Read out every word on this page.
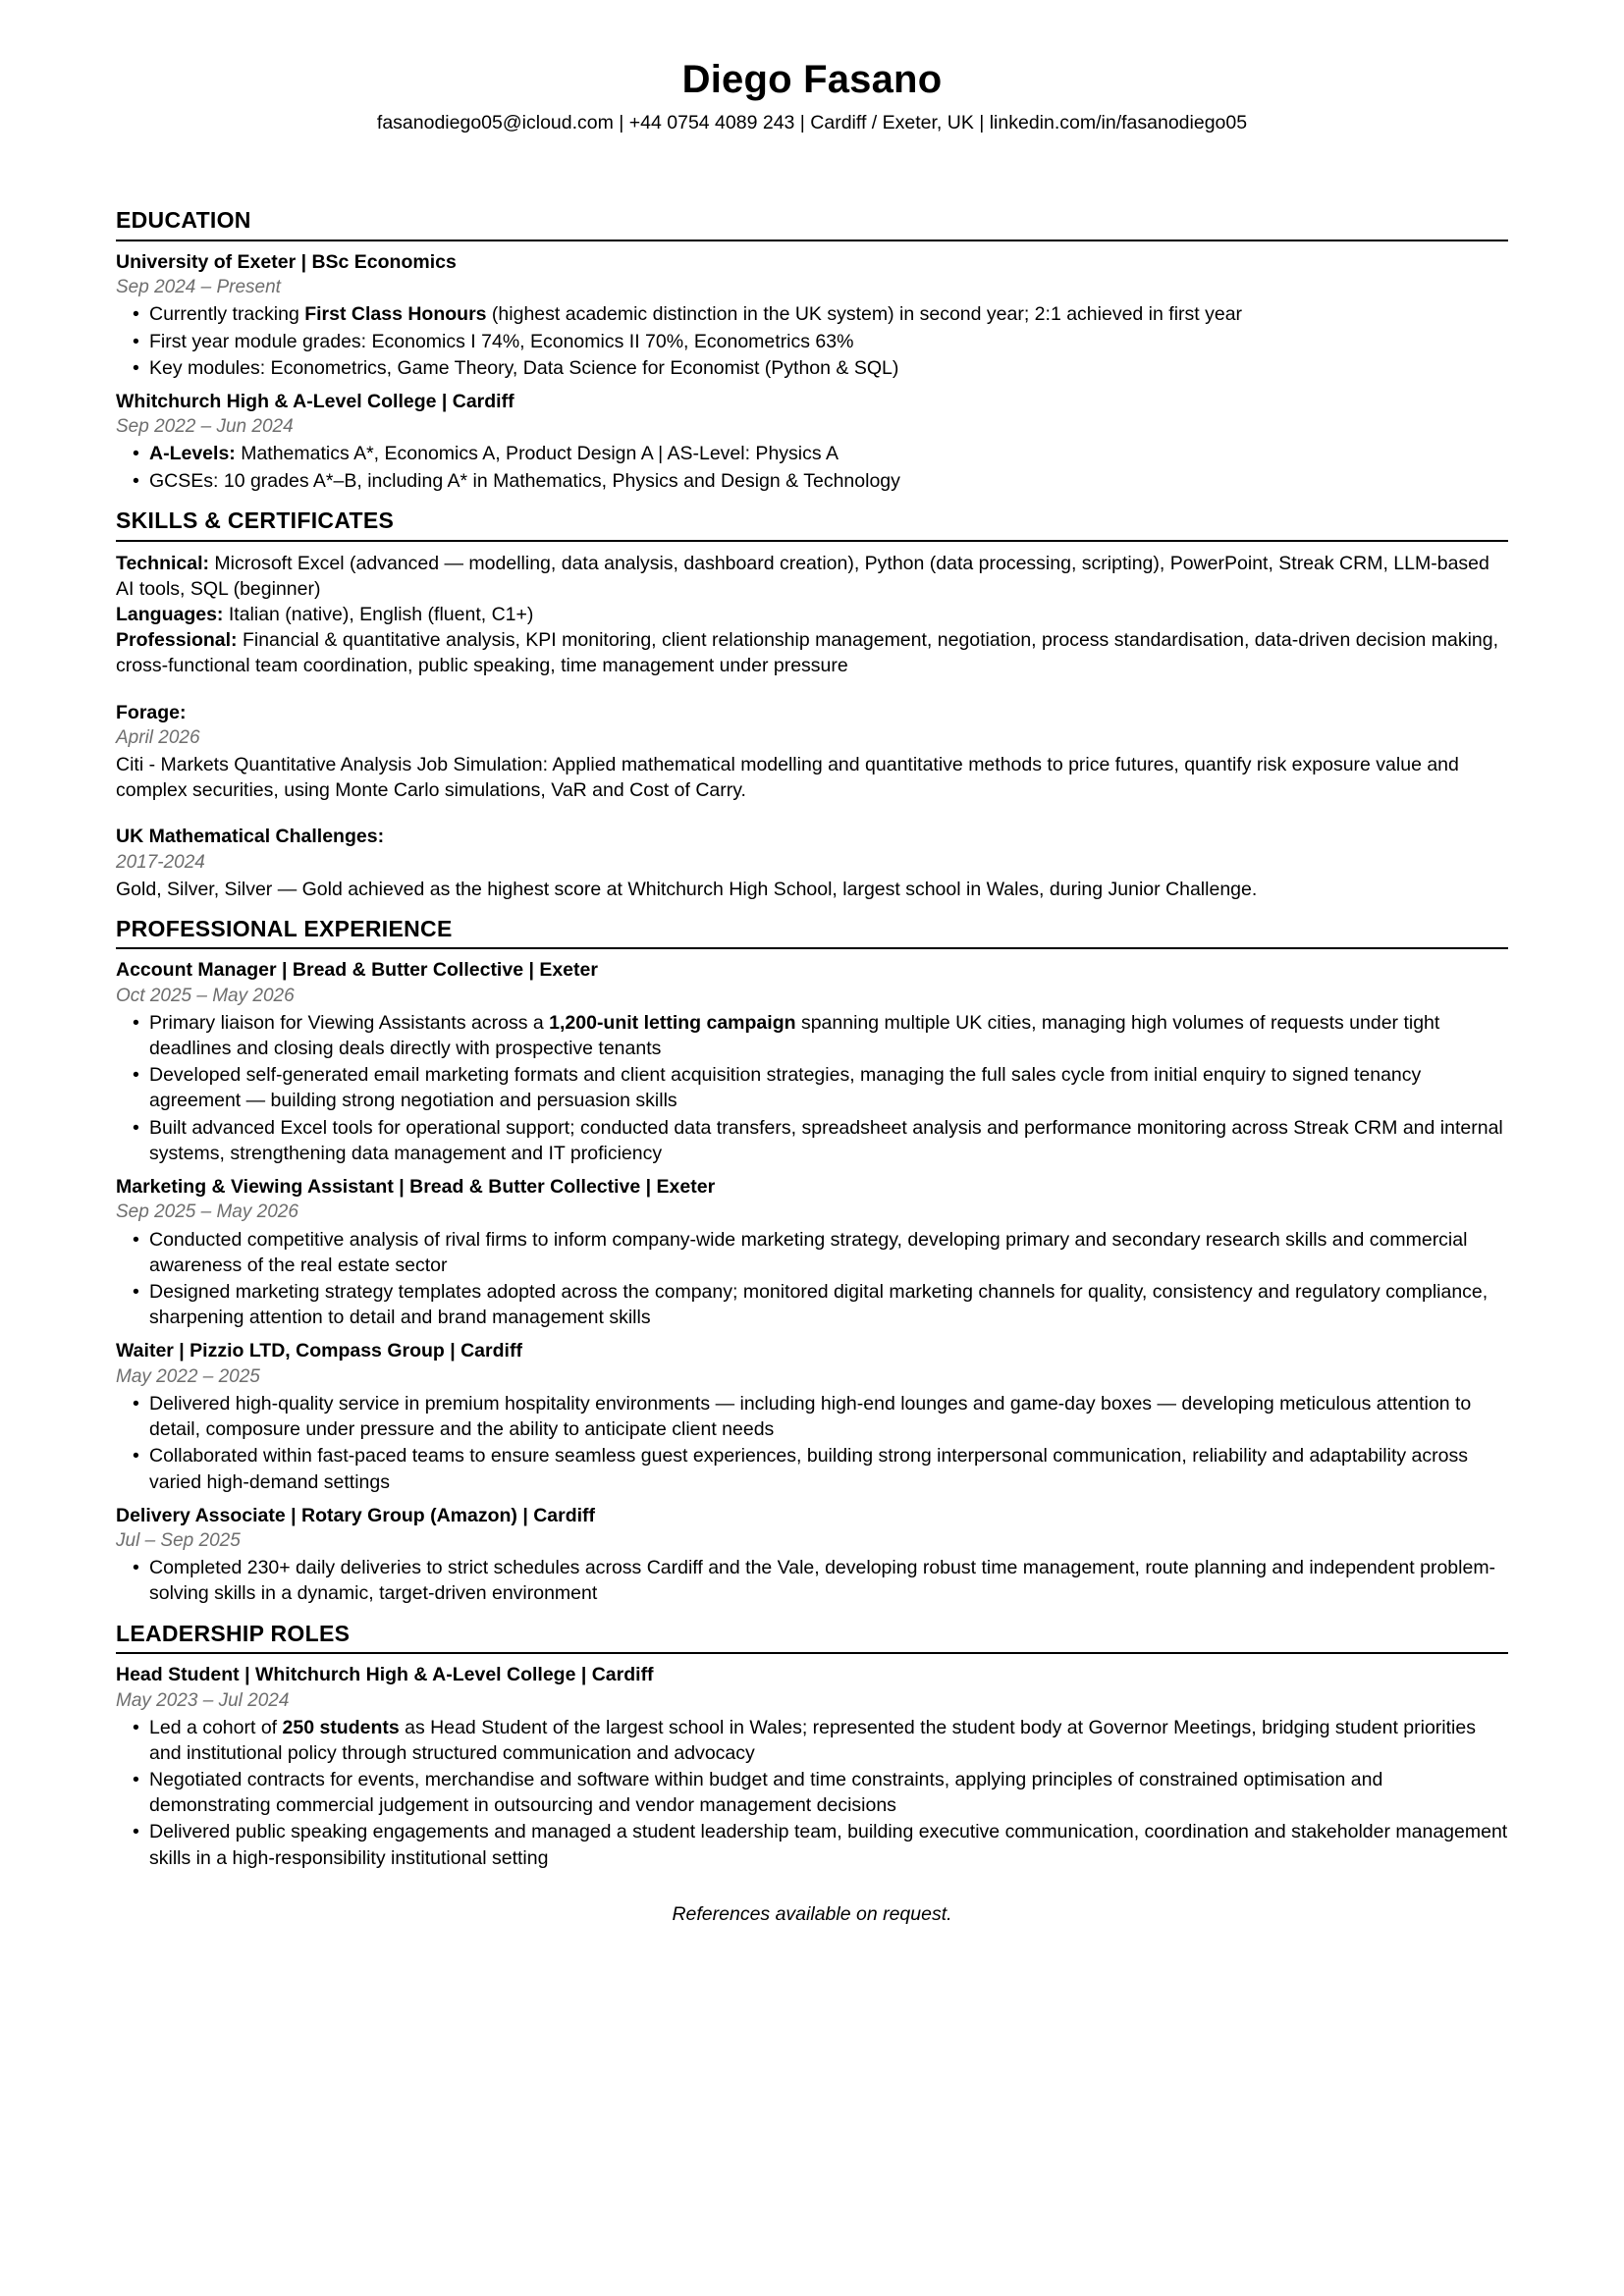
Diego Fasano

fasanodiego05@icloud.com | +44 0754 4089 243 | Cardiff / Exeter, UK | linkedin.com/in/fasanodiego05

EDUCATION
University of Exeter | BSc Economics
Sep 2024 – Present
• Currently tracking First Class Honours (highest academic distinction in the UK system) in second year; 2:1 achieved in first year
• First year module grades: Economics I 74%, Economics II 70%, Econometrics 63%
• Key modules: Econometrics, Game Theory, Data Science for Economist (Python & SQL)
Whitchurch High & A-Level College | Cardiff
Sep 2022 – Jun 2024
• A-Levels: Mathematics A*, Economics A, Product Design A | AS-Level: Physics A
• GCSEs: 10 grades A*–B, including A* in Mathematics, Physics and Design & Technology
SKILLS & CERTIFICATES

Technical: Microsoft Excel (advanced — modelling, data analysis, dashboard creation), Python (data processing, scripting), PowerPoint, Streak CRM, LLM-based AI tools, SQL (beginner)

Languages: Italian (native), English (fluent, C1+)

Professional: Financial & quantitative analysis, KPI monitoring, client relationship management, negotiation, process standardisation, data-driven decision making, cross-functional team coordination, public speaking, time management under pressure

Forage:
April 2026

Citi - Markets Quantitative Analysis Job Simulation: Applied mathematical modelling and quantitative methods to price futures, quantify risk exposure value and complex securities, using Monte Carlo simulations, VaR and Cost of Carry.

UK Mathematical Challenges:
2017-2024

Gold, Silver, Silver — Gold achieved as the highest score at Whitchurch High School, largest school in Wales, during Junior Challenge.

PROFESSIONAL EXPERIENCE
Account Manager | Bread & Butter Collective | Exeter
Oct 2025 – May 2026
• Primary liaison for Viewing Assistants across a 1,200-unit letting campaign spanning multiple UK cities, managing high volumes of requests under tight deadlines and closing deals directly with prospective tenants
• Developed self-generated email marketing formats and client acquisition strategies, managing the full sales cycle from initial enquiry to signed tenancy agreement — building strong negotiation and persuasion skills
• Built advanced Excel tools for operational support; conducted data transfers, spreadsheet analysis and performance monitoring across Streak CRM and internal systems, strengthening data management and IT proficiency
Marketing & Viewing Assistant | Bread & Butter Collective | Exeter
Sep 2025 – May 2026
• Conducted competitive analysis of rival firms to inform company-wide marketing strategy, developing primary and secondary research skills and commercial awareness of the real estate sector
• Designed marketing strategy templates adopted across the company; monitored digital marketing channels for quality, consistency and regulatory compliance, sharpening attention to detail and brand management skills
Waiter | Pizzio LTD, Compass Group | Cardiff
May 2022 – 2025
• Delivered high-quality service in premium hospitality environments — including high-end lounges and game-day boxes — developing meticulous attention to detail, composure under pressure and the ability to anticipate client needs
• Collaborated within fast-paced teams to ensure seamless guest experiences, building strong interpersonal communication, reliability and adaptability across varied high-demand settings
Delivery Associate | Rotary Group (Amazon) | Cardiff
Jul – Sep 2025
• Completed 230+ daily deliveries to strict schedules across Cardiff and the Vale, developing robust time management, route planning and independent problem-solving skills in a dynamic, target-driven environment
LEADERSHIP ROLES
Head Student | Whitchurch High & A-Level College | Cardiff
May 2023 – Jul 2024
• Led a cohort of 250 students as Head Student of the largest school in Wales; represented the student body at Governor Meetings, bridging student priorities and institutional policy through structured communication and advocacy
• Negotiated contracts for events, merchandise and software within budget and time constraints, applying principles of constrained optimisation and demonstrating commercial judgement in outsourcing and vendor management decisions
• Delivered public speaking engagements and managed a student leadership team, building executive communication, coordination and stakeholder management skills in a high-responsibility institutional setting

References available on request.
